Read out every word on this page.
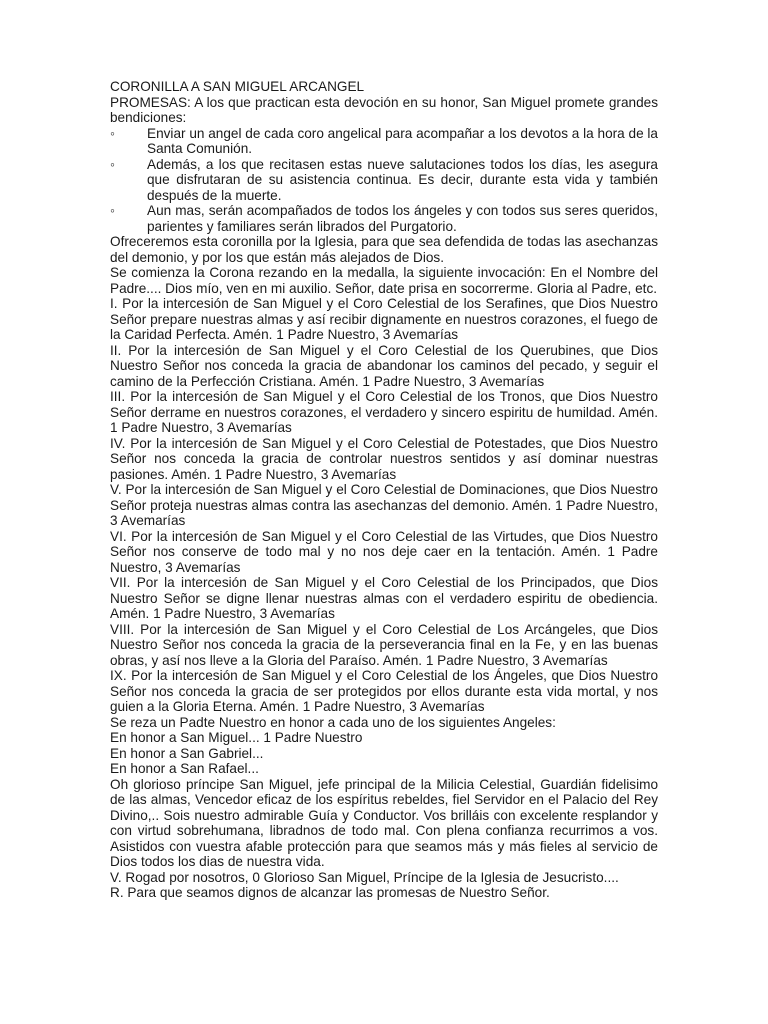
CORONILLA A SAN MIGUEL ARCANGEL

PROMESAS: A los que practican esta devoción en su honor, San Miguel promete grandes bendiciones:

◦	Enviar un angel de cada coro angelical para acompañar a los devotos a la hora de la Santa Comunión.
◦	Además, a los que recitasen estas nueve salutaciones todos los días, les asegura que disfrutaran de su asistencia continua. Es decir, durante esta vida y también después de la muerte.
◦	Aun mas, serán acompañados de todos los ángeles y con todos sus seres queridos, parientes y familiares serán librados del Purgatorio.

Ofreceremos esta coronilla por la Iglesia, para que sea defendida de todas las asechanzas del demonio, y por los que están más alejados de Dios.

Se comienza la Corona rezando en la medalla, la siguiente invocación: En el Nombre del Padre.... Dios mío, ven en mi auxilio. Señor, date prisa en socorrerme. Gloria al Padre, etc.

I. Por la intercesión de San Miguel y el Coro Celestial de los Serafines, que Dios Nuestro Señor prepare nuestras almas y así recibir dignamente en nuestros corazones, el fuego de la Caridad Perfecta. Amén. 1 Padre Nuestro, 3 Avemarías

II. Por la intercesión de San Miguel y el Coro Celestial de los Querubines, que Dios Nuestro Señor nos conceda la gracia de abandonar los caminos del pecado, y seguir el camino de la Perfección Cristiana. Amén. 1 Padre Nuestro, 3 Avemarías

III. Por la intercesión de San Miguel y el Coro Celestial de los Tronos, que Dios Nuestro Señor derrame en nuestros corazones, el verdadero y sincero espiritu de humildad. Amén. 1 Padre Nuestro, 3 Avemarías

IV. Por la intercesión de San Miguel y el Coro Celestial de Potestades, que Dios Nuestro Señor nos conceda la gracia de controlar nuestros sentidos y así dominar nuestras pasiones. Amén. 1 Padre Nuestro, 3 Avemarías

V. Por la intercesión de San Miguel y el Coro Celestial de Dominaciones, que Dios Nuestro Señor proteja nuestras almas contra las asechanzas del demonio. Amén. 1 Padre Nuestro, 3 Avemarías

VI. Por la intercesión de San Miguel y el Coro Celestial de las Virtudes, que Dios Nuestro Señor nos conserve de todo mal y no nos deje caer en la tentación. Amén. 1 Padre Nuestro, 3 Avemarías

VII. Por la intercesión de San Miguel y el Coro Celestial de los Principados, que Dios Nuestro Señor se digne llenar nuestras almas con el verdadero espiritu de obediencia. Amén. 1 Padre Nuestro, 3 Avemarías

VIII. Por la intercesión de San Miguel y el Coro Celestial de Los Arcángeles, que Dios Nuestro Señor nos conceda la gracia de la perseverancia final en la Fe, y en las buenas obras, y así nos lleve a la Gloria del Paraíso. Amén. 1 Padre Nuestro, 3 Avemarías

IX. Por la intercesión de San Miguel y el Coro Celestial de los Ángeles, que Dios Nuestro Señor nos conceda la gracia de ser protegidos por ellos durante esta vida mortal, y nos guien a la Gloria Eterna. Amén. 1 Padre Nuestro, 3 Avemarías

Se reza un Padte Nuestro en honor a cada uno de los siguientes Angeles:

En honor a San Miguel... 1 Padre Nuestro

En honor a San Gabriel...

En honor a San Rafael...

Oh glorioso príncipe San Miguel, jefe principal de la Milicia Celestial, Guardián fidelisimo de las almas, Vencedor eficaz de los espíritus rebeldes, fiel Servidor en el Palacio del Rey Divino,.. Sois nuestro admirable Guía y Conductor. Vos brilláis con excelente resplandor y con virtud sobrehumana, libradnos de todo mal. Con plena confianza recurrimos a vos. Asistidos con vuestra afable protección para que seamos más y más fieles al servicio de Dios todos los dias de nuestra vida.

V. Rogad por nosotros, 0 Glorioso San Miguel, Príncipe de la Iglesia de Jesucristo....

R. Para que seamos dignos de alcanzar las promesas de Nuestro Señor.
